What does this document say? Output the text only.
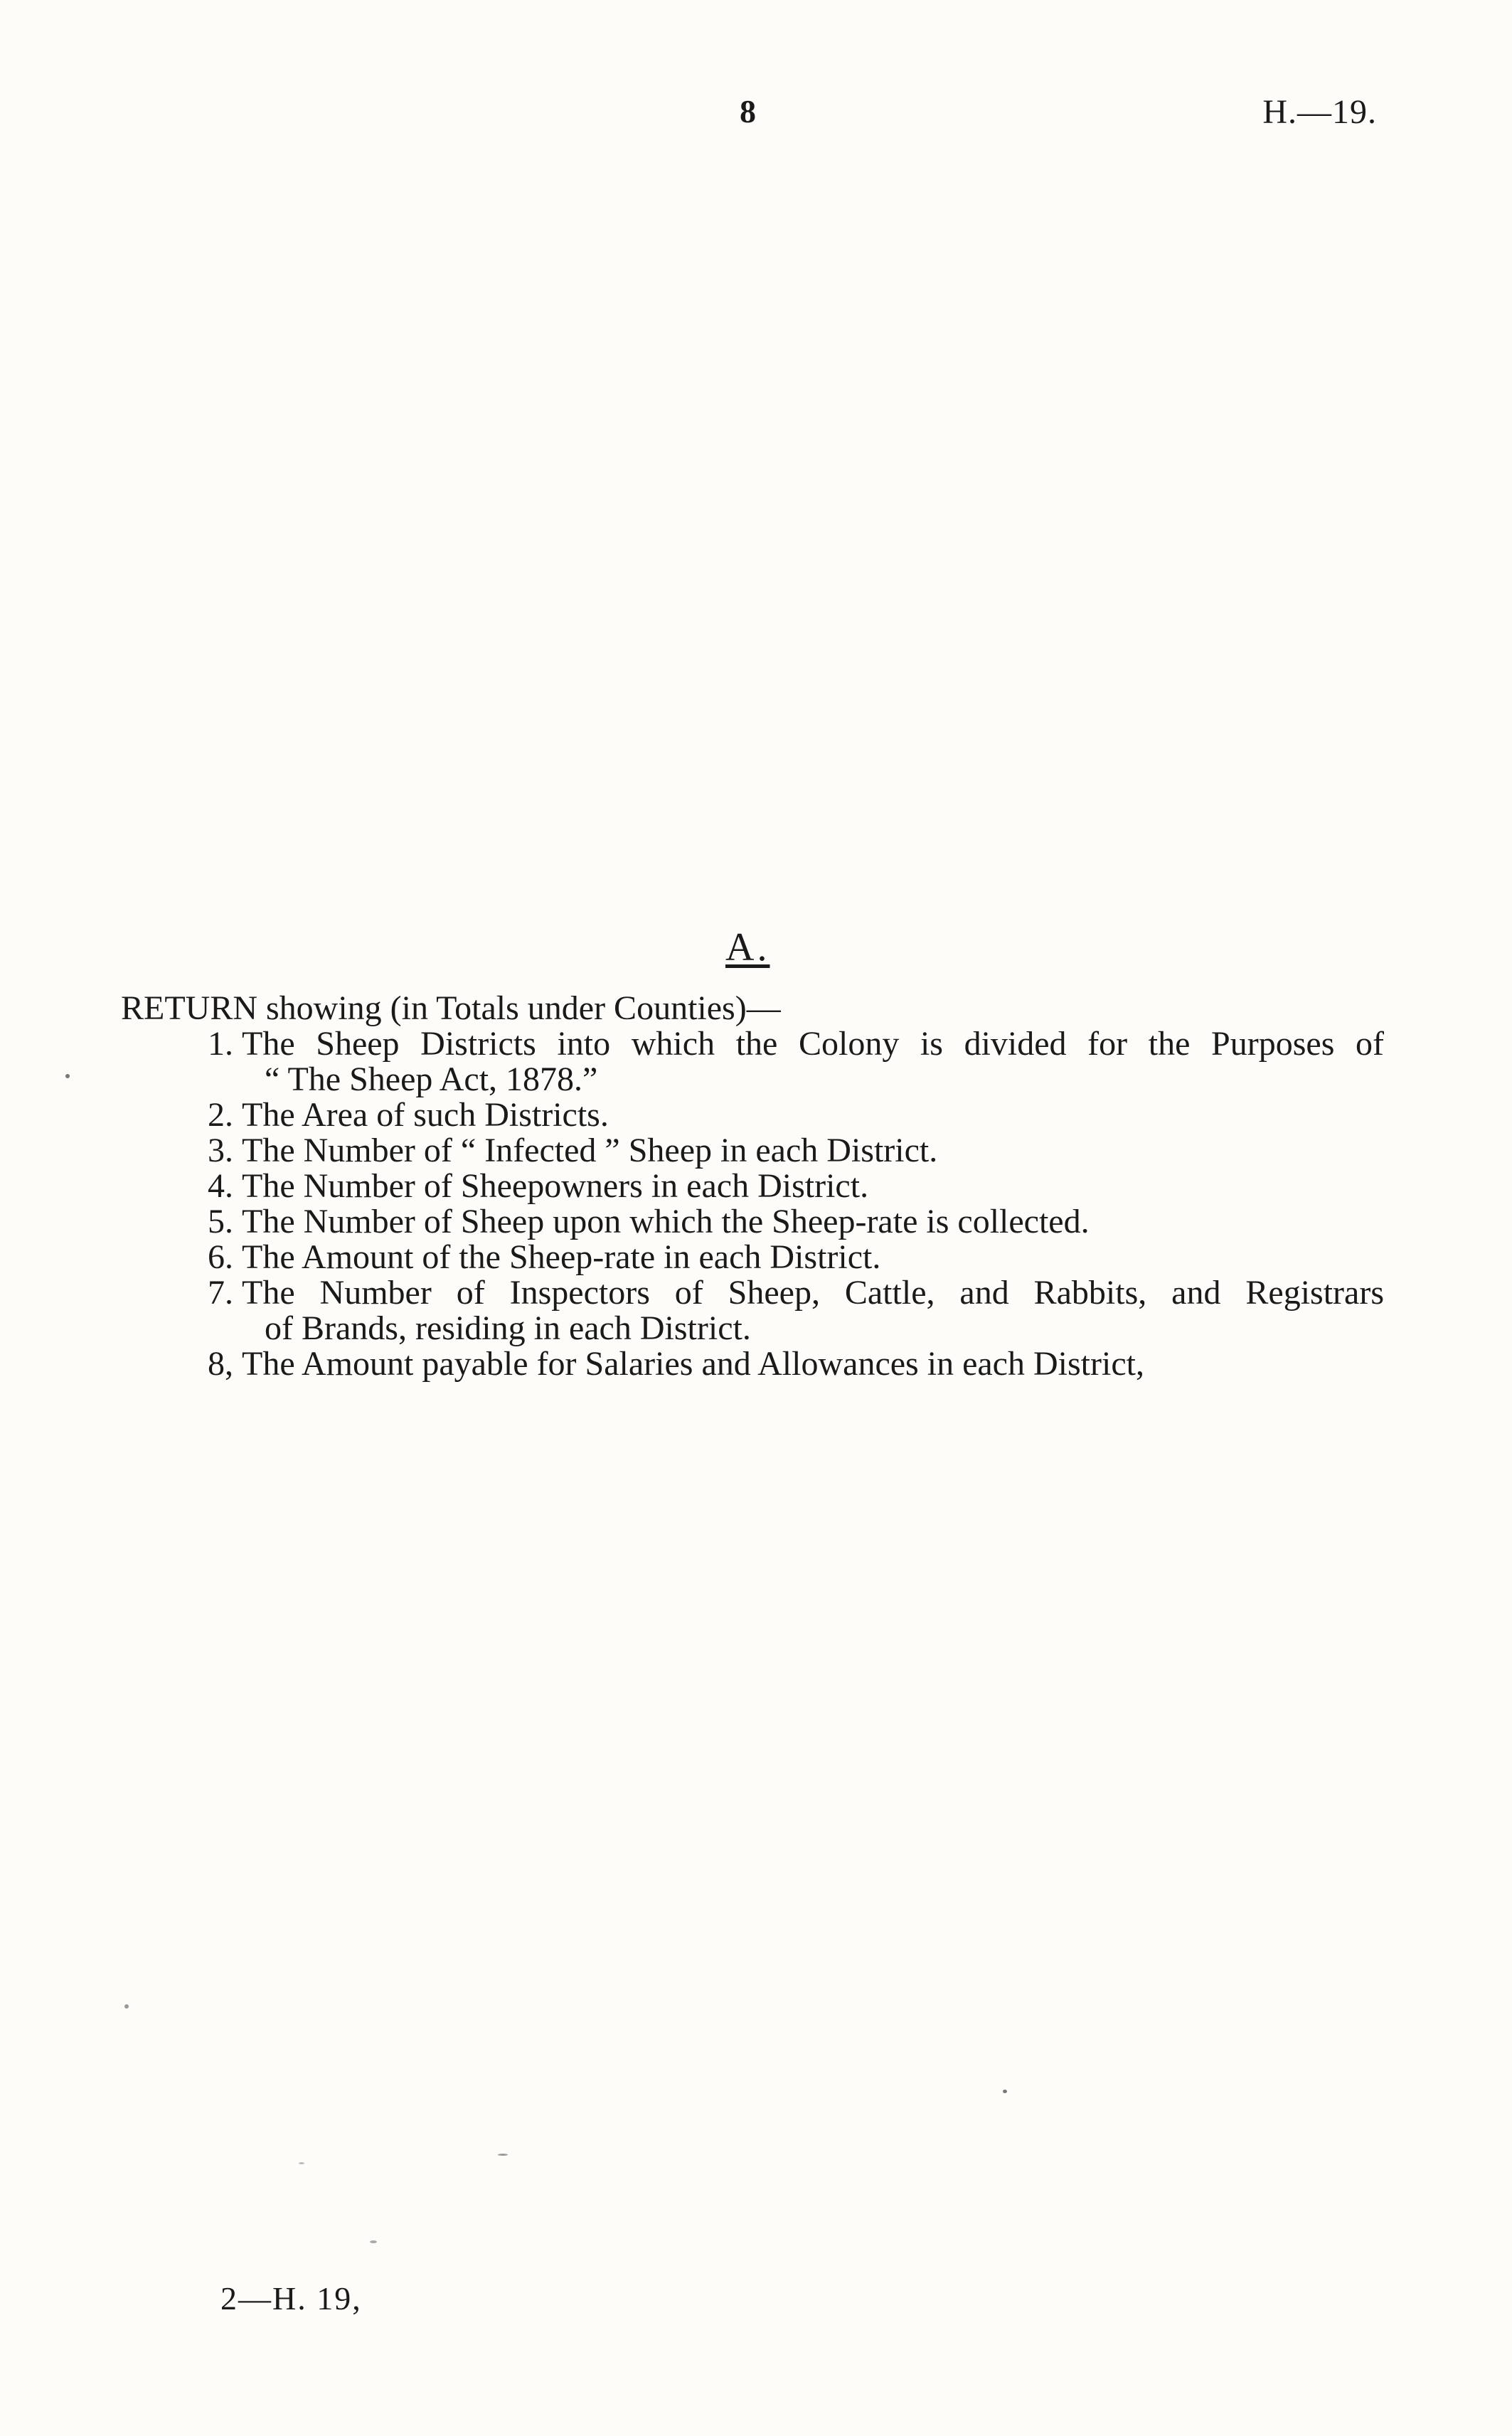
8	H.—19.
A.
RETURN showing (in Totals under Counties)—
1. The Sheep Districts into which the Colony is divided for the Purposes of
“ The Sheep Act, 1878.”
2. The Area of such Districts.
3. The Number of “ Infected ” Sheep in each District.
4. The Number of Sheepowners in each District.
5. The Number of Sheep upon which the Sheep-rate is collected.
6. The Amount of the Sheep-rate in each District.
7. The Number of Inspectors of Sheep, Cattle, and Rabbits, and Registrars
of Brands, residing in each District.
8, The Amount payable for Salaries and Allowances in each District,
2—H. 19,
